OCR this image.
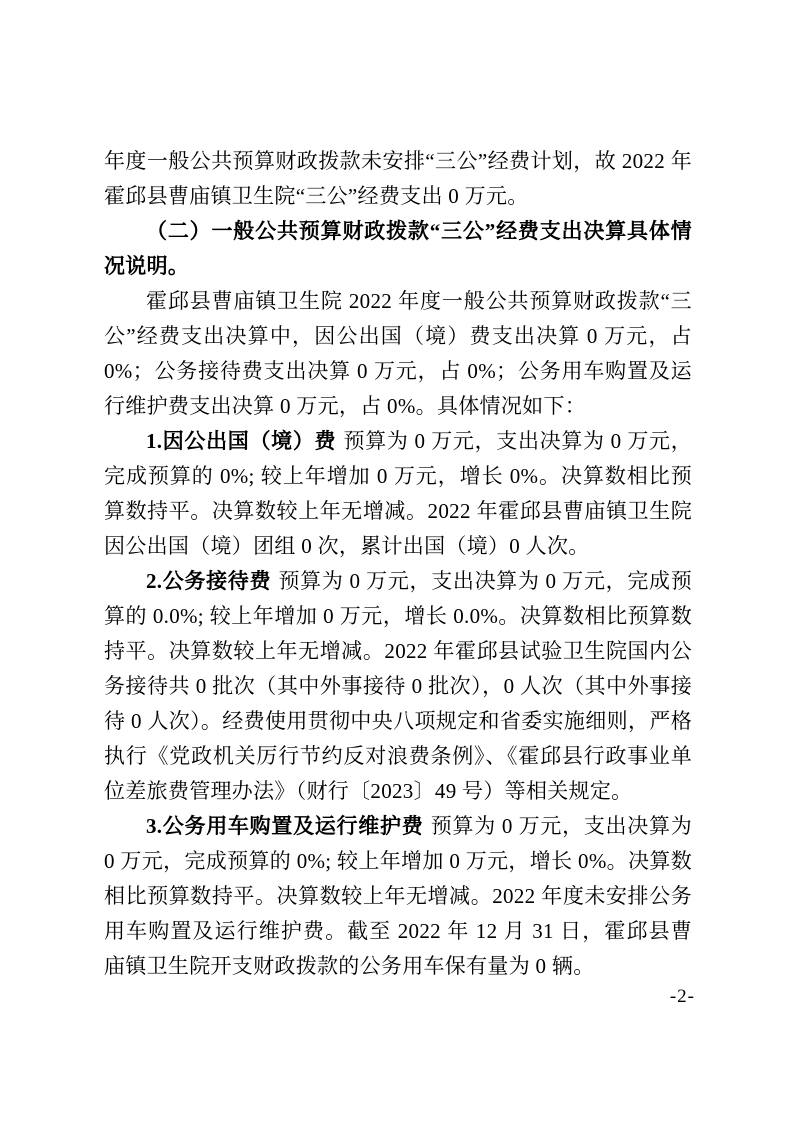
年度一般公共预算财政拨款未安排“三公”经费计划，故 2022 年霍邱县曹庙镇卫生院“三公”经费支出 0 万元。

（二）一般公共预算财政拨款“三公”经费支出决算具体情况说明。

霍邱县曹庙镇卫生院 2022 年度一般公共预算财政拨款“三公”经费支出决算中，因公出国（境）费支出决算 0 万元，占 0%；公务接待费支出决算 0 万元，占 0%；公务用车购置及运行维护费支出决算 0 万元，占 0%。具体情况如下：

1.因公出国（境）费 预算为 0 万元，支出决算为 0 万元，完成预算的 0%; 较上年增加 0 万元，增长 0%。决算数相比预算数持平。决算数较上年无增减。2022 年霍邱县曹庙镇卫生院因公出国（境）团组 0 次，累计出国（境）0 人次。

2.公务接待费 预算为 0 万元，支出决算为 0 万元，完成预算的 0.0%; 较上年增加 0 万元，增长 0.0%。决算数相比预算数持平。决算数较上年无增减。2022 年霍邱县试验卫生院国内公务接待共 0 批次（其中外事接待 0 批次），0 人次（其中外事接待 0 人次）。经费使用贯彻中央八项规定和省委实施细则，严格执行《党政机关厉行节约反对浪费条例》、《霍邱县行政事业单位差旅费管理办法》（财行〔2023〕49 号）等相关规定。

3.公务用车购置及运行维护费 预算为 0 万元，支出决算为 0 万元，完成预算的 0%; 较上年增加 0 万元，增长 0%。决算数相比预算数持平。决算数较上年无增减。2022 年度未安排公务用车购置及运行维护费。截至 2022 年 12 月 31 日，霍邱县曹庙镇卫生院开支财政拨款的公务用车保有量为 0 辆。

-2-
